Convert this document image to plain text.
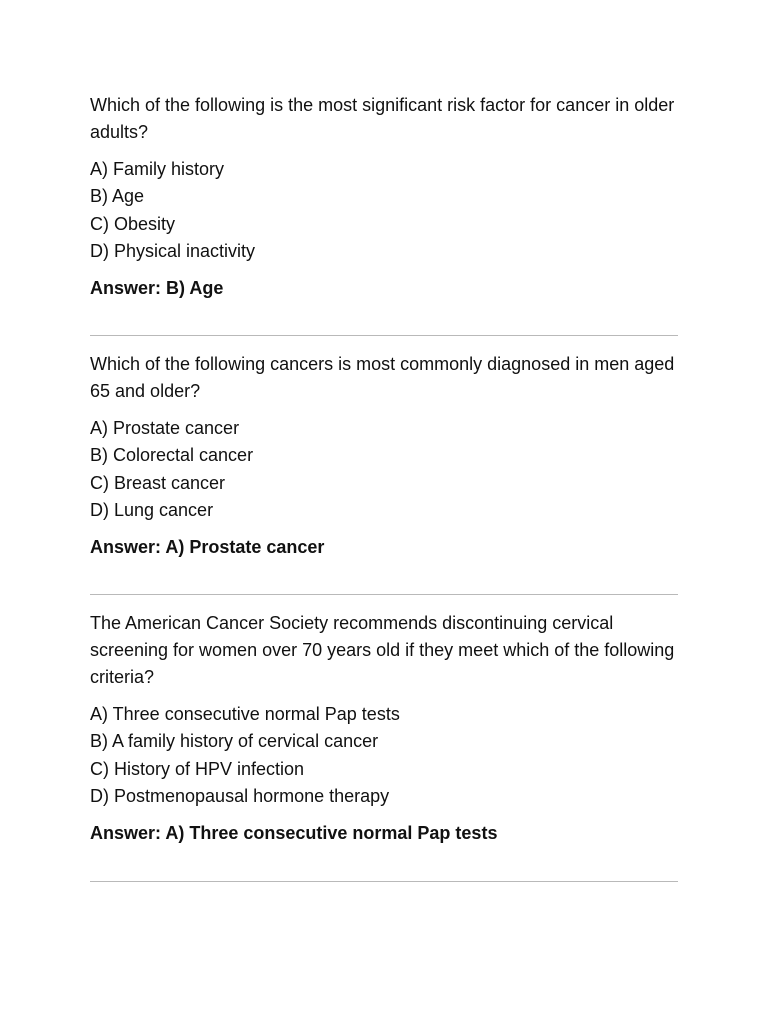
Which of the following is the most significant risk factor for cancer in older adults?

A) Family history
B) Age
C) Obesity
D) Physical inactivity

Answer: B) Age

Which of the following cancers is most commonly diagnosed in men aged 65 and older?

A) Prostate cancer
B) Colorectal cancer
C) Breast cancer
D) Lung cancer

Answer: A) Prostate cancer

The American Cancer Society recommends discontinuing cervical screening for women over 70 years old if they meet which of the following criteria?

A) Three consecutive normal Pap tests
B) A family history of cervical cancer
C) History of HPV infection
D) Postmenopausal hormone therapy

Answer: A) Three consecutive normal Pap tests
